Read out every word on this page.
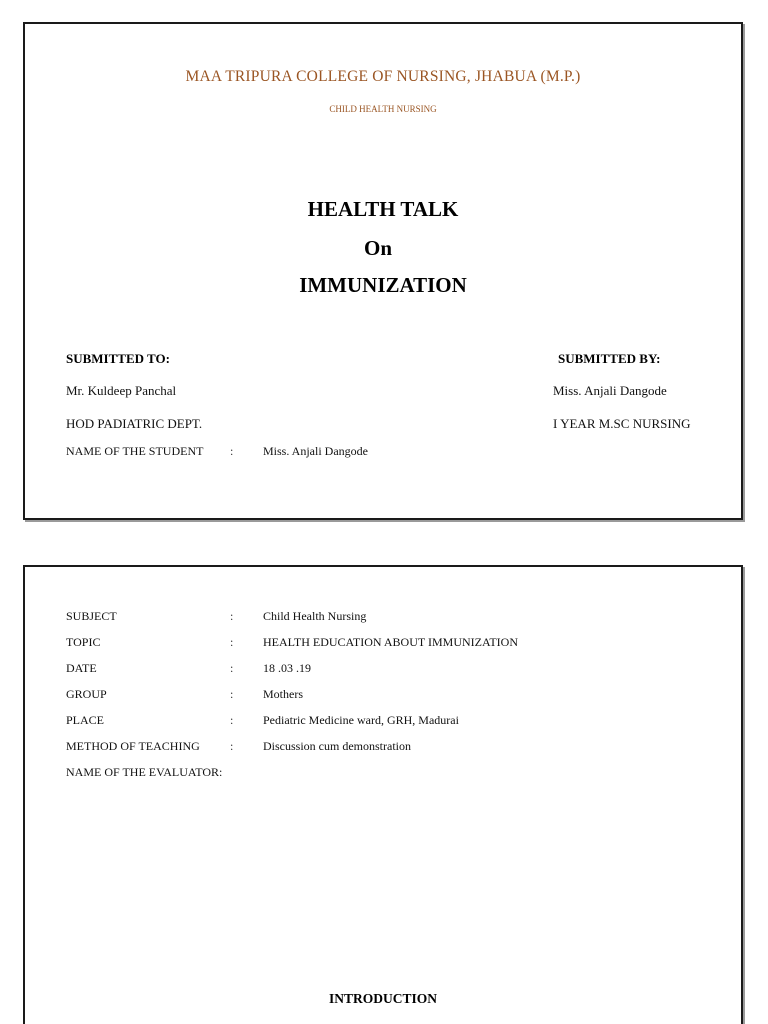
MAA TRIPURA COLLEGE OF NURSING, JHABUA (M.P.)
CHILD HEALTH NURSING
HEALTH TALK
On
IMMUNIZATION
SUBMITTED TO:	SUBMITTED BY:
Mr. Kuldeep Panchal	Miss. Anjali Dangode
HOD PADIATRIC DEPT.	I YEAR M.SC NURSING
NAME OF THE STUDENT : Miss. Anjali Dangode
SUBJECT	: Child Health Nursing
TOPIC	: HEALTH EDUCATION ABOUT IMMUNIZATION
DATE	: 18 .03 .19
GROUP	: Mothers
PLACE	: Pediatric Medicine ward, GRH, Madurai
METHOD OF TEACHING	: Discussion cum demonstration
NAME OF THE EVALUATOR:
INTRODUCTION
